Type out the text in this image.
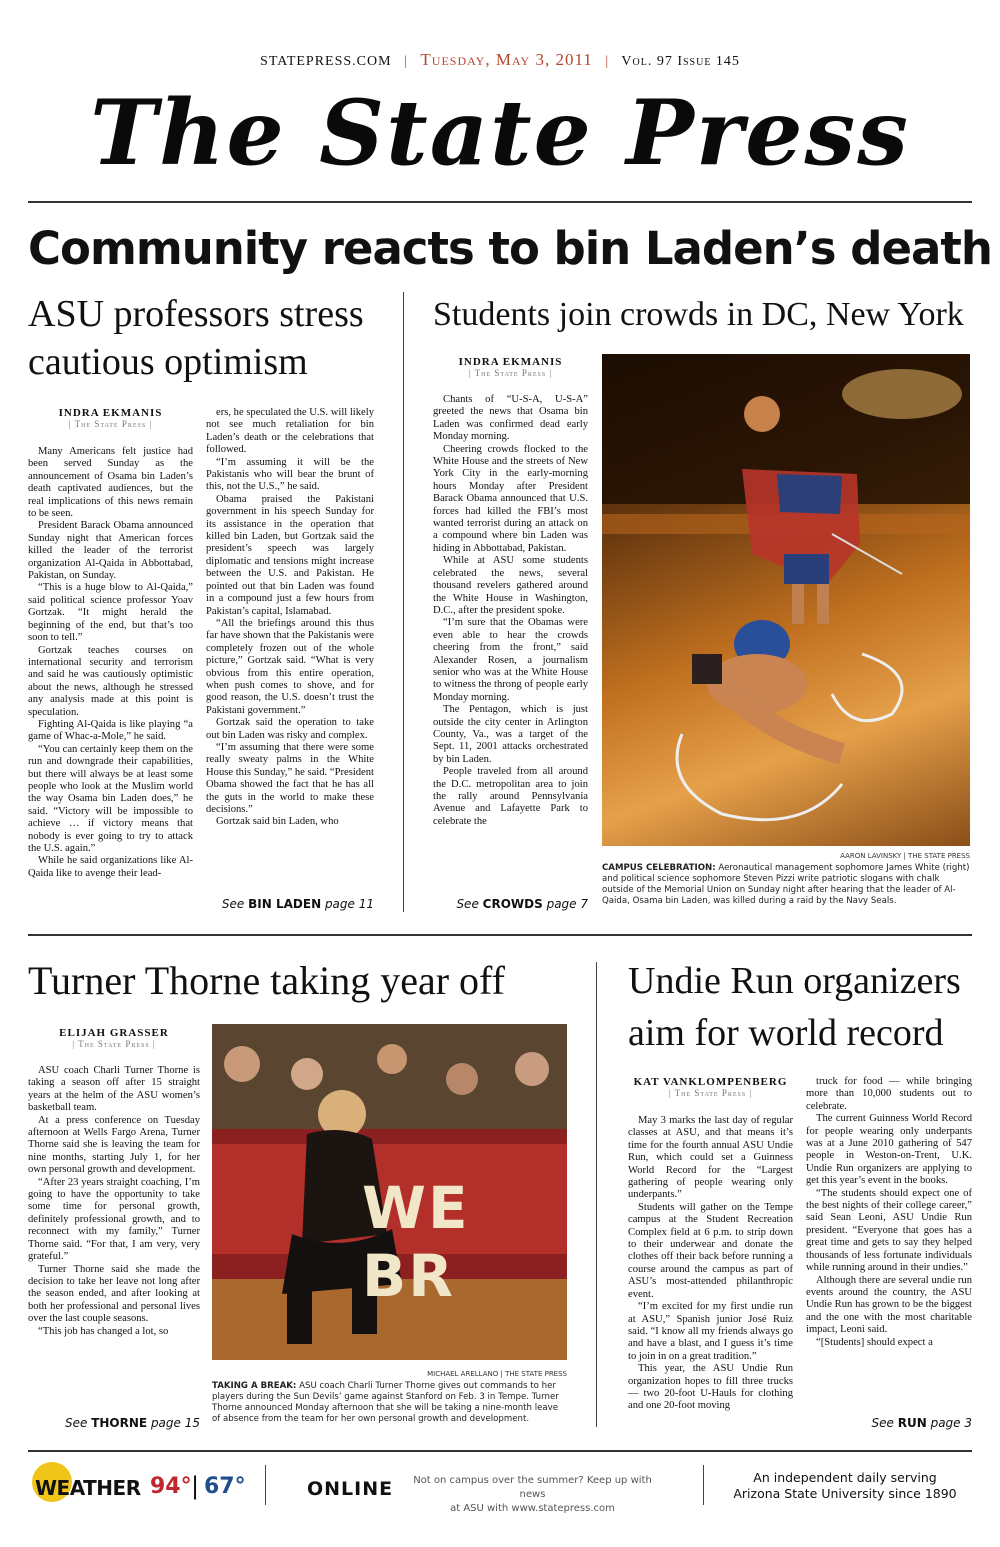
STATEPRESS.COM | Tuesday, May 3, 2011 | Vol. 97 Issue 145
The State Press
Community reacts to bin Laden’s death
ASU professors stress
cautious optimism
INDRA EKMANIS
| The State Press |

Many Americans felt justice had been served Sunday as the announcement of Osama bin Laden’s death captivated audiences, but the real implications of this news remain to be seen.

President Barack Obama announced Sunday night that American forces killed the leader of the terrorist organization Al-Qaida in Abbottabad, Pakistan, on Sunday.

“This is a huge blow to Al-Qaida,” said political science professor Yoav Gortzak. “It might herald the beginning of the end, but that’s too soon to tell.”

Gortzak teaches courses on international security and terrorism and said he was cautiously optimistic about the news, although he stressed any analysis made at this point is speculation.

Fighting Al-Qaida is like playing “a game of Whac-a-Mole,” he said.

“You can certainly keep them on the run and downgrade their capabilities, but there will always be at least some people who look at the Muslim world the way Osama bin Laden does,” he said. “Victory will be impossible to achieve … if victory means that nobody is ever going to try to attack the U.S. again.”

While he said organizations like Al-Qaida like to avenge their lead-

ers, he speculated the U.S. will likely not see much retaliation for bin Laden’s death or the celebrations that followed.

“I’m assuming it will be the Pakistanis who will bear the brunt of this, not the U.S.,” he said.

Obama praised the Pakistani government in his speech Sunday for its assistance in the operation that killed bin Laden, but Gortzak said the president’s speech was largely diplomatic and tensions might increase between the U.S. and Pakistan. He pointed out that bin Laden was found in a compound just a few hours from Pakistan’s capital, Islamabad.

“All the briefings around this thus far have shown that the Pakistanis were completely frozen out of the whole picture,” Gortzak said. “What is very obvious from this entire operation, when push comes to shove, and for good reason, the U.S. doesn’t trust the Pakistani government.”

Gortzak said the operation to take out bin Laden was risky and complex.

“I’m assuming that there were some really sweaty palms in the White House this Sunday,” he said. “President Obama showed the fact that he has all the guts in the world to make these decisions.”

Gortzak said bin Laden, who

See BIN LADEN page 11
Students join crowds in DC, New York
INDRA EKMANIS
| The State Press |

Chants of “U-S-A, U-S-A” greeted the news that Osama bin Laden was confirmed dead early Monday morning.

Cheering crowds flocked to the White House and the streets of New York City in the early-morning hours Monday after President Barack Obama announced that U.S. forces had killed the FBI’s most wanted terrorist during an attack on a compound where bin Laden was hiding in Abbottabad, Pakistan.

While at ASU some students celebrated the news, several thousand revelers gathered around the White House in Washington, D.C., after the president spoke.

“I’m sure that the Obamas were even able to hear the crowds cheering from the front,” said Alexander Rosen, a journalism senior who was at the White House to witness the throng of people early Monday morning.

The Pentagon, which is just outside the city center in Arlington County, Va., was a target of the Sept. 11, 2001 attacks orchestrated by bin Laden.

People traveled from all around the D.C. metropolitan area to join the rally around Pennsylvania Avenue and Lafayette Park to celebrate the

See CROWDS page 7
AARON LAVINSKY | THE STATE PRESS
CAMPUS CELEBRATION: Aeronautical management sophomore James White (right) and political science sophomore Steven Pizzi write patriotic slogans with chalk outside of the Memorial Union on Sunday night after hearing that the leader of Al-Qaida, Osama bin Laden, was killed during a raid by the Navy Seals.
Turner Thorne taking year off
ELIJAH GRASSER
| The State Press |

ASU coach Charli Turner Thorne is taking a season off after 15 straight years at the helm of the ASU women’s basketball team.

At a press conference on Tuesday afternoon at Wells Fargo Arena, Turner Thorne said she is leaving the team for nine months, starting July 1, for her own personal growth and development.

“After 23 years straight coaching, I’m going to have the opportunity to take some time for personal growth, definitely professional growth, and to reconnect with my family,” Turner Thorne said. “For that, I am very, very grateful.”

Turner Thorne said she made the decision to take her leave not long after the season ended, and after looking at both her professional and personal lives over the last couple seasons.

“This job has changed a lot, so

See THORNE page 15
WE BR
MICHAEL ARELLANO | THE STATE PRESS
TAKING A BREAK: ASU coach Charli Turner Thorne gives out commands to her players during the Sun Devils’ game against Stanford on Feb. 3 in Tempe. Turner Thorne announced Monday afternoon that she will be taking a nine-month leave of absence from the team for her own personal growth and development.
Undie Run organizers
aim for world record
KAT VANKLOMPENBERG
| The State Press |

May 3 marks the last day of regular classes at ASU, and that means it’s time for the fourth annual ASU Undie Run, which could set a Guinness World Record for the “Largest gathering of people wearing only underpants.”

Students will gather on the Tempe campus at the Student Recreation Complex field at 6 p.m. to strip down to their underwear and donate the clothes off their back before running a course around the campus as part of ASU’s most-attended philanthropic event.

“I’m excited for my first undie run at ASU,” Spanish junior José Ruiz said. “I know all my friends always go and have a blast, and I guess it’s time to join in on a great tradition.”

This year, the ASU Undie Run organization hopes to fill three trucks — two 20-foot U-Hauls for clothing and one 20-foot moving

truck for food — while bringing more than 10,000 students out to celebrate.

The current Guinness World Record for people wearing only underpants was at a June 2010 gathering of 547 people in Weston-on-Trent, U.K. Undie Run organizers are applying to get this year’s event in the books.

“The students should expect one of the best nights of their college career,” said Sean Leoni, ASU Undie Run president. “Everyone that goes has a great time and gets to say they helped thousands of less fortunate individuals while running around in their undies.”

Although there are several undie run events around the country, the ASU Undie Run has grown to be the biggest and the one with the most charitable impact, Leoni said.

“[Students] should expect a

See RUN page 3
WEATHER 94° | 67°	ONLINE	Not on campus over the summer? Keep up with news
at ASU with www.statepress.com
An independent daily serving
Arizona State University since 1890
